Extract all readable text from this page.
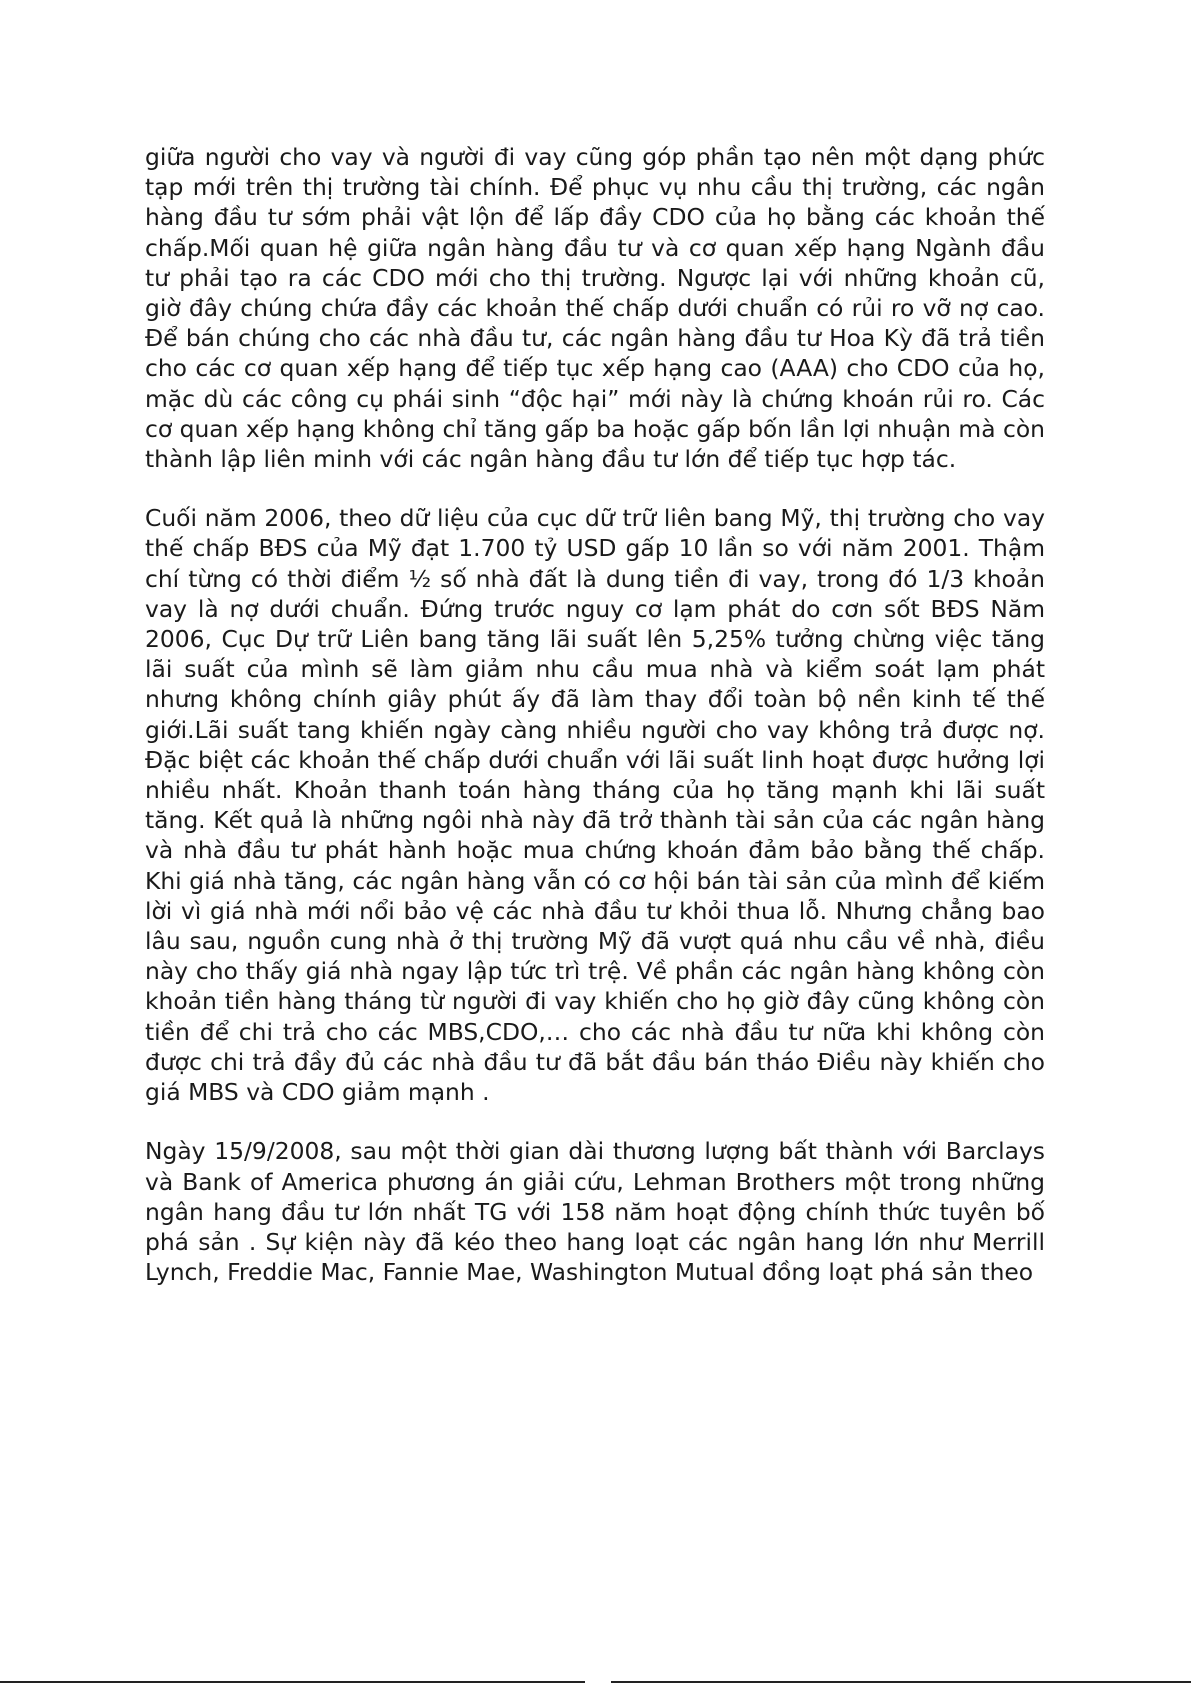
giữa người cho vay và người đi vay cũng góp phần tạo nên một dạng phức tạp mới trên thị trường tài chính. Để phục vụ nhu cầu thị trường, các ngân hàng đầu tư sớm phải vật lộn để lấp đầy CDO của họ bằng các khoản thế chấp.Mối quan hệ giữa ngân hàng đầu tư và cơ quan xếp hạng Ngành đầu tư phải tạo ra các CDO mới cho thị trường. Ngược lại với những khoản cũ, giờ đây chúng chứa đầy các khoản thế chấp dưới chuẩn có rủi ro vỡ nợ cao. Để bán chúng cho các nhà đầu tư, các ngân hàng đầu tư Hoa Kỳ đã trả tiền cho các cơ quan xếp hạng để tiếp tục xếp hạng cao (AAA) cho CDO của họ, mặc dù các công cụ phái sinh “độc hại” mới này là chứng khoán rủi ro. Các cơ quan xếp hạng không chỉ tăng gấp ba hoặc gấp bốn lần lợi nhuận mà còn thành lập liên minh với các ngân hàng đầu tư lớn để tiếp tục hợp tác.

Cuối năm 2006, theo dữ liệu của cục dữ trữ liên bang Mỹ, thị trường cho vay thế chấp BĐS của Mỹ đạt 1.700 tỷ USD gấp 10 lần so với năm 2001. Thậm chí từng có thời điểm ½ số nhà đất là dung tiền đi vay, trong đó 1/3 khoản vay là nợ dưới chuẩn. Đứng trước nguy cơ lạm phát do cơn sốt BĐS Năm 2006, Cục Dự trữ Liên bang tăng lãi suất lên 5,25% tưởng chừng việc tăng lãi suất của mình sẽ làm giảm nhu cầu mua nhà và kiểm soát lạm phát nhưng không chính giây phút ấy đã làm thay đổi toàn bộ nền kinh tế thế giới.Lãi suất tang khiến ngày càng nhiều người cho vay không trả được nợ. Đặc biệt các khoản thế chấp dưới chuẩn với lãi suất linh hoạt được hưởng lợi nhiều nhất. Khoản thanh toán hàng tháng của họ tăng mạnh khi lãi suất tăng. Kết quả là những ngôi nhà này đã trở thành tài sản của các ngân hàng và nhà đầu tư phát hành hoặc mua chứng khoán đảm bảo bằng thế chấp. Khi giá nhà tăng, các ngân hàng vẫn có cơ hội bán tài sản của mình để kiếm lời vì giá nhà mới nổi bảo vệ các nhà đầu tư khỏi thua lỗ. Nhưng chẳng bao lâu sau, nguồn cung nhà ở thị trường Mỹ đã vượt quá nhu cầu về nhà, điều này cho thấy giá nhà ngay lập tức trì trệ. Về phần các ngân hàng không còn khoản tiền hàng tháng từ người đi vay khiến cho họ giờ đây cũng không còn tiền để chi trả cho các MBS,CDO,… cho các nhà đầu tư nữa khi không còn được chi trả đầy đủ các nhà đầu tư đã bắt đầu bán tháo Điều này khiến cho giá MBS và CDO giảm mạnh .

Ngày 15/9/2008, sau một thời gian dài thương lượng bất thành với Barclays và Bank of America phương án giải cứu, Lehman Brothers một trong những ngân hang đầu tư lớn nhất TG với 158 năm hoạt động chính thức tuyên bố phá sản . Sự kiện này đã kéo theo hang loạt các ngân hang lớn như Merrill Lynch, Freddie Mac, Fannie Mae, Washington Mutual đồng loạt phá sản theo
